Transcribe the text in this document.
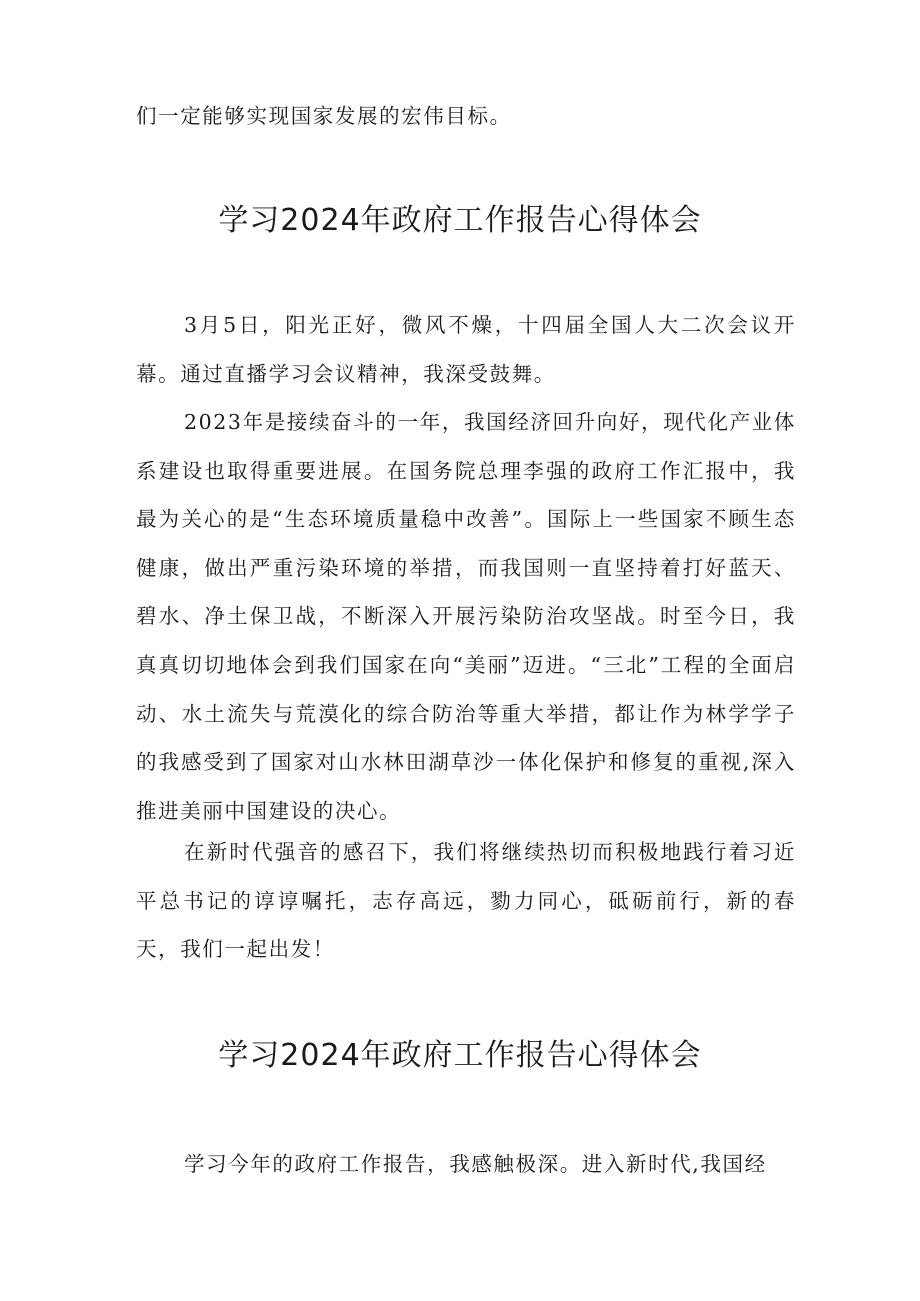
们一定能够实现国家发展的宏伟目标。

学习2024年政府工作报告心得体会

3月5日，阳光正好，微风不燥，十四届全国人大二次会议开幕。通过直播学习会议精神，我深受鼓舞。

2023年是接续奋斗的一年，我国经济回升向好，现代化产业体系建设也取得重要进展。在国务院总理李强的政府工作汇报中，我最为关心的是“生态环境质量稳中改善”。国际上一些国家不顾生态健康，做出严重污染环境的举措，而我国则一直坚持着打好蓝天、碧水、净土保卫战，不断深入开展污染防治攻坚战。时至今日，我真真切切地体会到我们国家在向“美丽”迈进。“三北”工程的全面启动、水土流失与荒漠化的综合防治等重大举措，都让作为林学学子的我感受到了国家对山水林田湖草沙一体化保护和修复的重视,深入推进美丽中国建设的决心。

在新时代强音的感召下，我们将继续热切而积极地践行着习近平总书记的谆谆嘱托，志存高远，勠力同心，砥砺前行，新的春天，我们一起出发！

学习2024年政府工作报告心得体会

学习今年的政府工作报告，我感触极深。进入新时代,我国经
